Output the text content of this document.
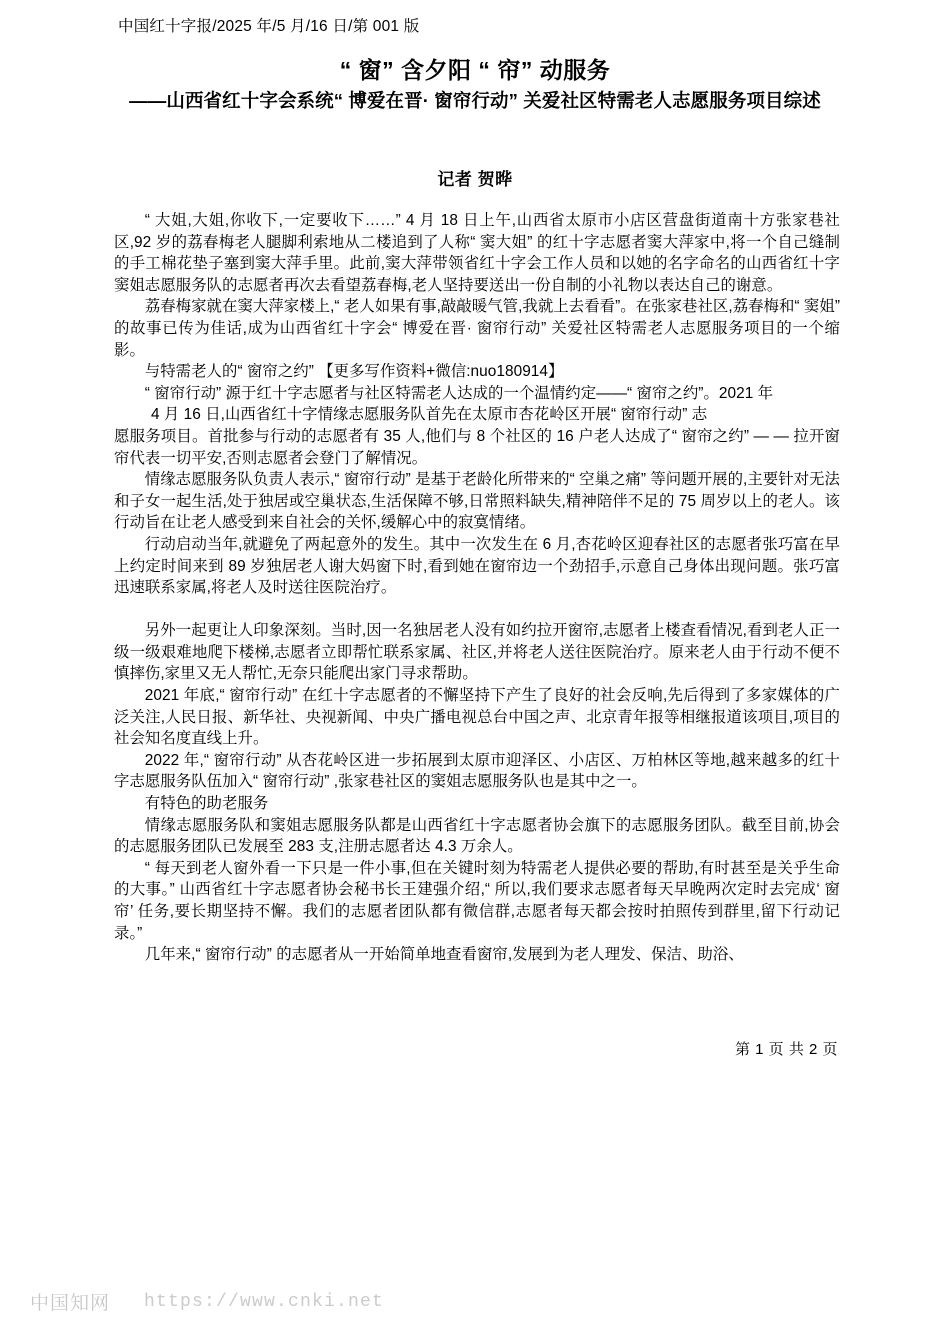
中国红十字报/2025 年/5 月/16 日/第 001 版
“ 窗” 含夕阳 “ 帘” 动服务
——山西省红十字会系统“ 博爱在晋· 窗帘行动” 关爱社区特需老人志愿服务项目综述
记者 贺晔
“ 大姐,大姐,你收下,一定要收下……” 4 月 18 日上午,山西省太原市小店区营盘街道南十方张家巷社区,92 岁的荔春梅老人腿脚利索地从二楼追到了人称“ 窦大姐” 的红十字志愿者窦大萍家中,将一个自己缝制的手工棉花垫子塞到窦大萍手里。此前,窦大萍带领省红十字会工作人员和以她的名字命名的山西省红十字窦姐志愿服务队的志愿者再次去看望荔春梅,老人坚持要送出一份自制的小礼物以表达自己的谢意。
荔春梅家就在窦大萍家楼上,“ 老人如果有事,敲敲暖气管,我就上去看看”。在张家巷社区,荔春梅和“ 窦姐” 的故事已传为佳话,成为山西省红十字会“ 博爱在晋· 窗帘行动” 关爱社区特需老人志愿服务项目的一个缩影。
与特需老人的“ 窗帘之约” 【更多写作资料+微信:nuo180914】
“ 窗帘行动” 源于红十字志愿者与社区特需老人达成的一个温情约定——“ 窗帘之约”。2021 年
4 月 16 日,山西省红十字情缘志愿服务队首先在太原市杏花岭区开展“ 窗帘行动” 志
愿服务项目。首批参与行动的志愿者有 35 人,他们与 8 个社区的 16 户老人达成了“ 窗帘之约” — — 拉开窗帘代表一切平安,否则志愿者会登门了解情况。
情缘志愿服务队负责人表示,“ 窗帘行动” 是基于老龄化所带来的“ 空巢之痛” 等问题开展的,主要针对无法和子女一起生活,处于独居或空巢状态,生活保障不够,日常照料缺失,精神陪伴不足的 75 周岁以上的老人。该行动旨在让老人感受到来自社会的关怀,缓解心中的寂寞情绪。
行动启动当年,就避免了两起意外的发生。其中一次发生在 6 月,杏花岭区迎春社区的志愿者张巧富在早上约定时间来到 89 岁独居老人谢大妈窗下时,看到她在窗帘边一个劲招手,示意自己身体出现问题。张巧富迅速联系家属,将老人及时送往医院治疗。
另外一起更让人印象深刻。当时,因一名独居老人没有如约拉开窗帘,志愿者上楼查看情况,看到老人正一级一级艰难地爬下楼梯,志愿者立即帮忙联系家属、社区,并将老人送往医院治疗。原来老人由于行动不便不慎摔伤,家里又无人帮忙,无奈只能爬出家门寻求帮助。
2021 年底,“ 窗帘行动” 在红十字志愿者的不懈坚持下产生了良好的社会反响,先后得到了多家媒体的广泛关注,人民日报、新华社、央视新闻、中央广播电视总台中国之声、北京青年报等相继报道该项目,项目的社会知名度直线上升。
2022 年,“ 窗帘行动” 从杏花岭区进一步拓展到太原市迎泽区、小店区、万柏林区等地,越来越多的红十字志愿服务队伍加入“ 窗帘行动” ,张家巷社区的窦姐志愿服务队也是其中之一。
有特色的助老服务
情缘志愿服务队和窦姐志愿服务队都是山西省红十字志愿者协会旗下的志愿服务团队。截至目前,协会的志愿服务团队已发展至 283 支,注册志愿者达 4.3 万余人。
“ 每天到老人窗外看一下只是一件小事,但在关键时刻为特需老人提供必要的帮助,有时甚至是关乎生命的大事。” 山西省红十字志愿者协会秘书长王建强介绍,“ 所以,我们要求志愿者每天早晚两次定时去完成‘ 窗帘’ 任务,要长期坚持不懈。我们的志愿者团队都有微信群,志愿者每天都会按时拍照传到群里,留下行动记录。”
几年来,“ 窗帘行动” 的志愿者从一开始简单地查看窗帘,发展到为老人理发、保洁、助浴、
第 1 页 共 2 页
中国知网 https://www.cnki.net
